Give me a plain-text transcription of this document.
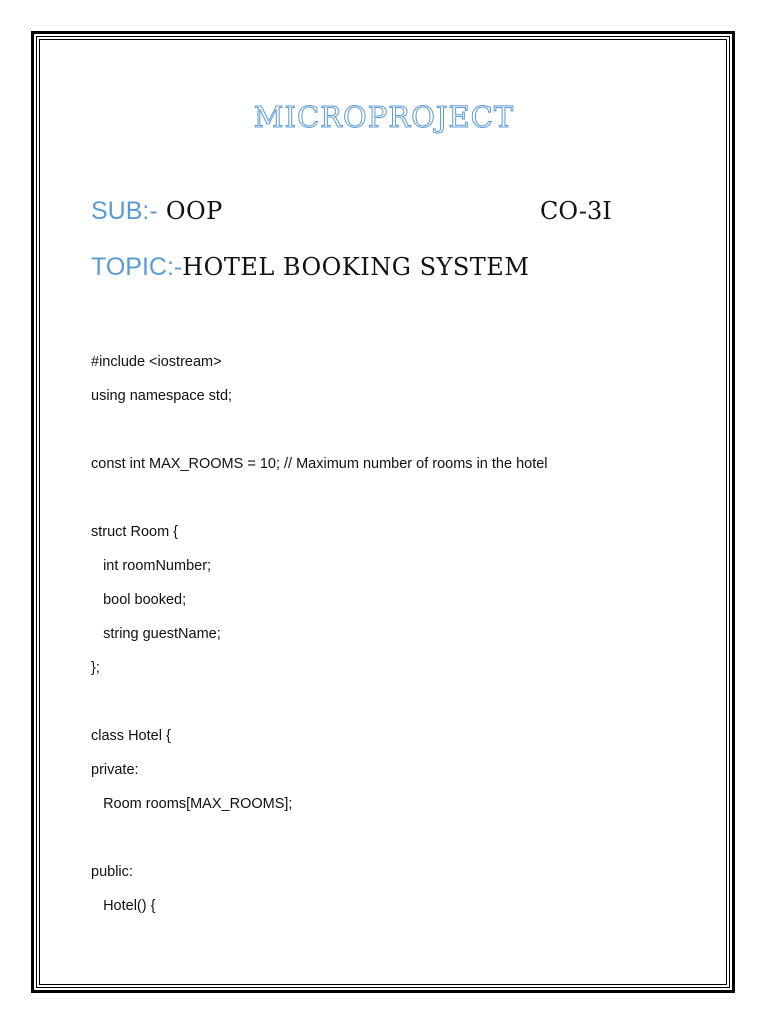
MICROPROJECT
SUB:- OOP	CO-3I
TOPIC:-HOTEL BOOKING SYSTEM
#include <iostream>
using namespace std;
const int MAX_ROOMS = 10; // Maximum number of rooms in the hotel
struct Room {
int roomNumber;
bool booked;
string guestName;
};
class Hotel {
private:
Room rooms[MAX_ROOMS];
public:
Hotel() {
